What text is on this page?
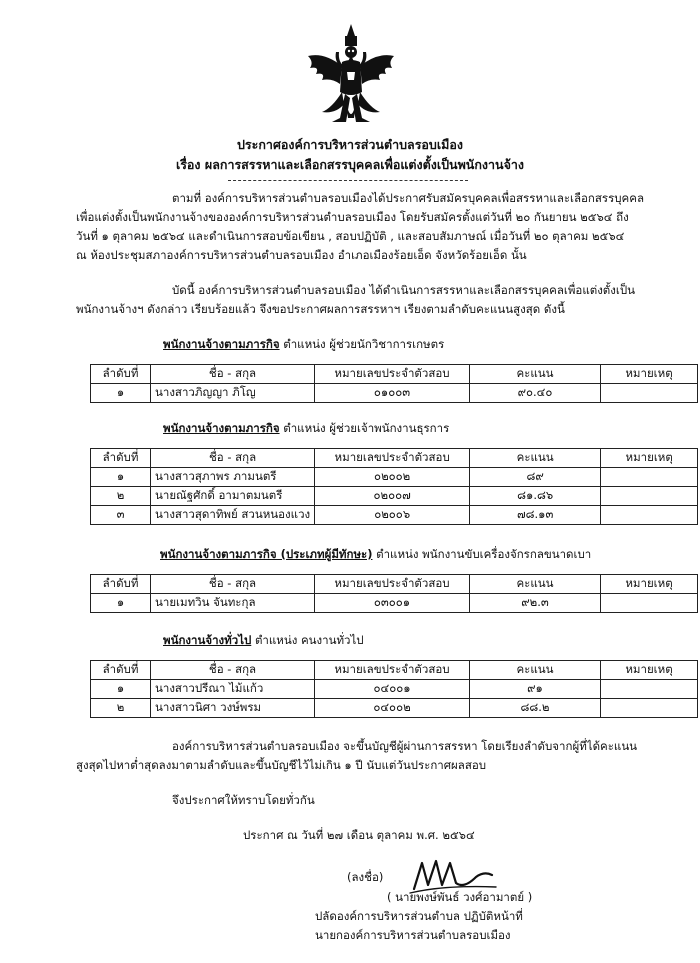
ประกาศองค์การบริหารส่วนตำบลรอบเมือง
เรื่อง ผลการสรรหาและเลือกสรรบุคคลเพื่อแต่งตั้งเป็นพนักงานจ้าง
ตามที่ องค์การบริหารส่วนตำบลรอบเมืองได้ประกาศรับสมัครบุคคลเพื่อสรรหาและเลือกสรรบุคคล
เพื่อแต่งตั้งเป็นพนักงานจ้างขององค์การบริหารส่วนตำบลรอบเมือง โดยรับสมัครตั้งแต่วันที่ ๒๐ กันยายน ๒๕๖๔ ถึง
วันที่ ๑ ตุลาคม ๒๕๖๔ และดำเนินการสอบข้อเขียน , สอบปฏิบัติ , และสอบสัมภาษณ์ เมื่อวันที่ ๒๐ ตุลาคม ๒๕๖๔
ณ ห้องประชุมสภาองค์การบริหารส่วนตำบลรอบเมือง อำเภอเมืองร้อยเอ็ด จังหวัดร้อยเอ็ด นั้น
บัดนี้ องค์การบริหารส่วนตำบลรอบเมือง ได้ดำเนินการสรรหาและเลือกสรรบุคคลเพื่อแต่งตั้งเป็น
พนักงานจ้างฯ ดังกล่าว เรียบร้อยแล้ว จึงขอประกาศผลการสรรหาฯ เรียงตามลำดับคะแนนสูงสุด ดังนี้
พนักงานจ้างตามภารกิจ ตำแหน่ง ผู้ช่วยนักวิชาการเกษตร
ลำดับที่	ชื่อ - สกุล	หมายเลขประจำตัวสอบ	คะแนน	หมายเหตุ
๑	นางสาวภิญญา ภิโญ	๐๑๐๐๓	๙๐.๔๐	
พนักงานจ้างตามภารกิจ ตำแหน่ง ผู้ช่วยเจ้าพนักงานธุรการ
ลำดับที่	ชื่อ - สกุล	หมายเลขประจำตัวสอบ	คะแนน	หมายเหตุ
๑	นางสาวสุภาพร ภามนตรี	๐๒๐๐๒	๘๙	
๒	นายณัฐศักดิ์ อามาตมนตรี	๐๒๐๐๗	๘๑.๘๖	
๓	นางสาวสุดาทิพย์ สวนหนองแวง	๐๒๐๐๖	๗๘.๑๓	
พนักงานจ้างตามภารกิจ (ประเภทผู้มีทักษะ) ตำแหน่ง พนักงานขับเครื่องจักรกลขนาดเบา
ลำดับที่	ชื่อ - สกุล	หมายเลขประจำตัวสอบ	คะแนน	หมายเหตุ
๑	นายเมทวิน จันทะกุล	๐๓๐๐๑	๙๒.๓	
พนักงานจ้างทั่วไป ตำแหน่ง คนงานทั่วไป
ลำดับที่	ชื่อ - สกุล	หมายเลขประจำตัวสอบ	คะแนน	หมายเหตุ
๑	นางสาวปรีณา ไม้แก้ว	๐๔๐๐๑	๙๑	
๒	นางสาวนิศา วงษ์พรม	๐๔๐๐๒	๘๘.๒	
องค์การบริหารส่วนตำบลรอบเมือง จะขึ้นบัญชีผู้ผ่านการสรรหา โดยเรียงลำดับจากผู้ที่ได้คะแนน
สูงสุดไปหาต่ำสุดลงมาตามลำดับและขึ้นบัญชีไว้ไม่เกิน ๑ ปี นับแต่วันประกาศผลสอบ
จึงประกาศให้ทราบโดยทั่วกัน
ประกาศ ณ วันที่ ๒๗ เดือน ตุลาคม พ.ศ. ๒๕๖๔
(ลงชื่อ)
( นายพงษ์พันธ์ วงศ์อามาตย์ )
ปลัดองค์การบริหารส่วนตำบล ปฏิบัติหน้าที่
นายกองค์การบริหารส่วนตำบลรอบเมือง
